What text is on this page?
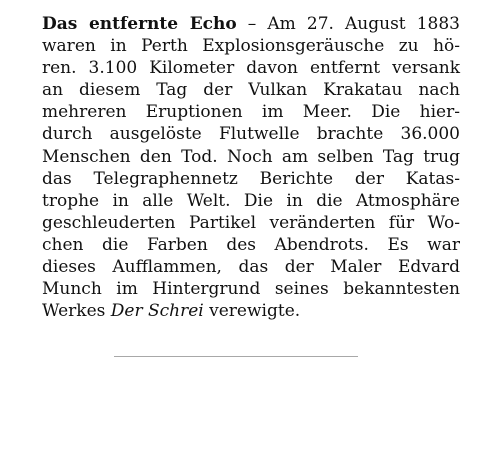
Das entfernte Echo – Am 27. August 1883
waren in Perth Explosionsgeräusche zu hö-
ren. 3.100 Kilometer davon entfernt versank
an diesem Tag der Vulkan Krakatau nach
mehreren Eruptionen im Meer. Die hier-
durch ausgelöste Flutwelle brachte 36.000
Menschen den Tod. Noch am selben Tag trug
das Telegraphennetz Berichte der Katas-
trophe in alle Welt. Die in die Atmosphäre
geschleuderten Partikel veränderten für Wo-
chen die Farben des Abendrots. Es war
dieses Aufflammen, das der Maler Edvard
Munch im Hintergrund seines bekanntesten
Werkes Der Schrei verewigte.
